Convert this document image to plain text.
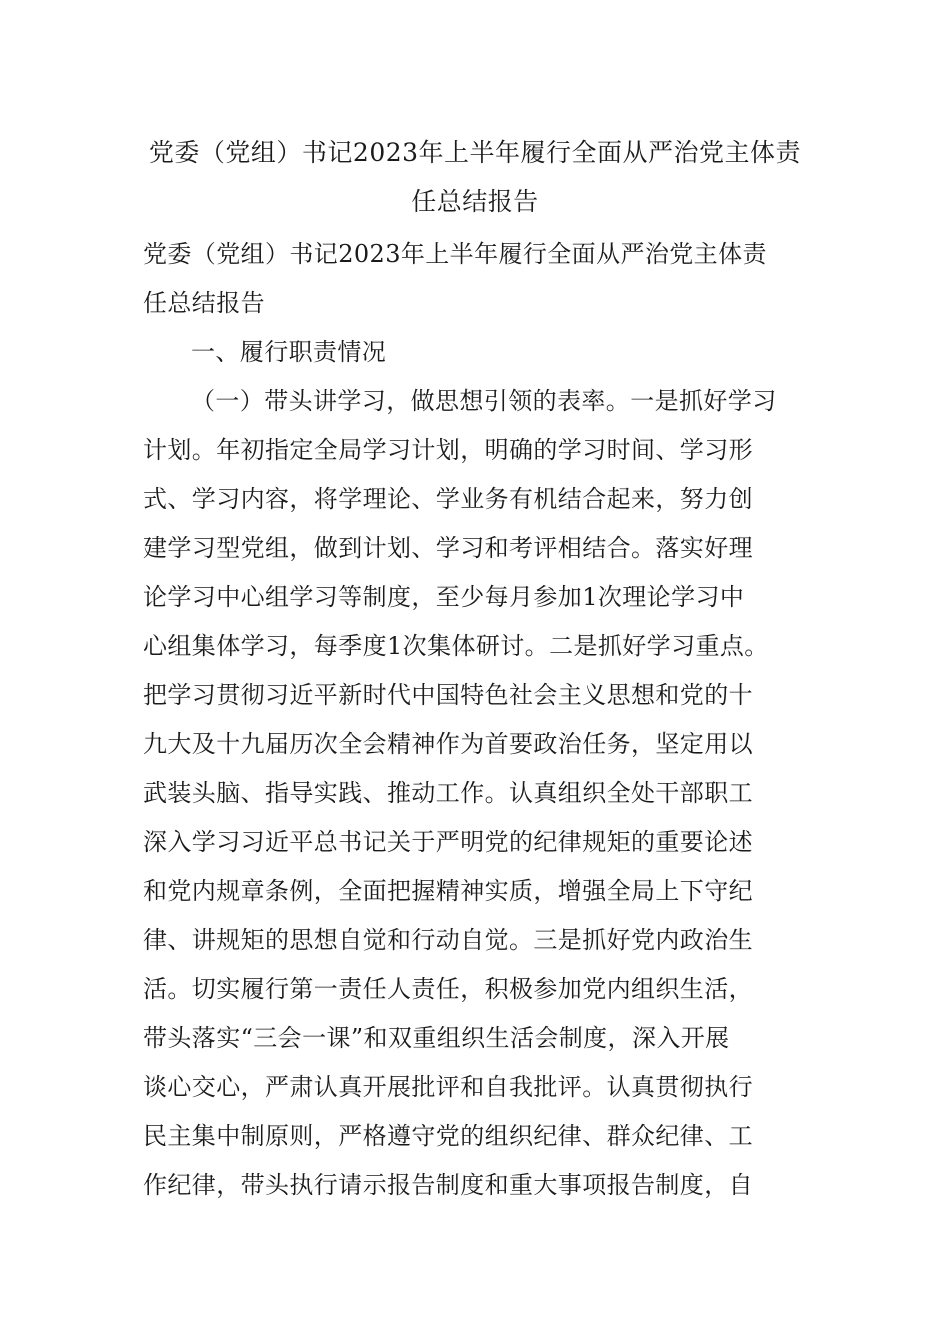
党委（党组）书记2023年上半年履行全面从严治党主体责
任总结报告
党委（党组）书记2023年上半年履行全面从严治党主体责
任总结报告
一、履行职责情况
（一）带头讲学习，做思想引领的表率。一是抓好学习
计划。年初指定全局学习计划，明确的学习时间、学习形
式、学习内容，将学理论、学业务有机结合起来，努力创
建学习型党组，做到计划、学习和考评相结合。落实好理
论学习中心组学习等制度，至少每月参加1次理论学习中
心组集体学习，每季度1次集体研讨。二是抓好学习重点。
把学习贯彻习近平新时代中国特色社会主义思想和党的十
九大及十九届历次全会精神作为首要政治任务，坚定用以
武装头脑、指导实践、推动工作。认真组织全处干部职工
深入学习习近平总书记关于严明党的纪律规矩的重要论述
和党内规章条例，全面把握精神实质，增强全局上下守纪
律、讲规矩的思想自觉和行动自觉。三是抓好党内政治生
活。切实履行第一责任人责任，积极参加党内组织生活，
带头落实“三会一课”和双重组织生活会制度，深入开展
谈心交心，严肃认真开展批评和自我批评。认真贯彻执行
民主集中制原则，严格遵守党的组织纪律、群众纪律、工
作纪律，带头执行请示报告制度和重大事项报告制度，自
